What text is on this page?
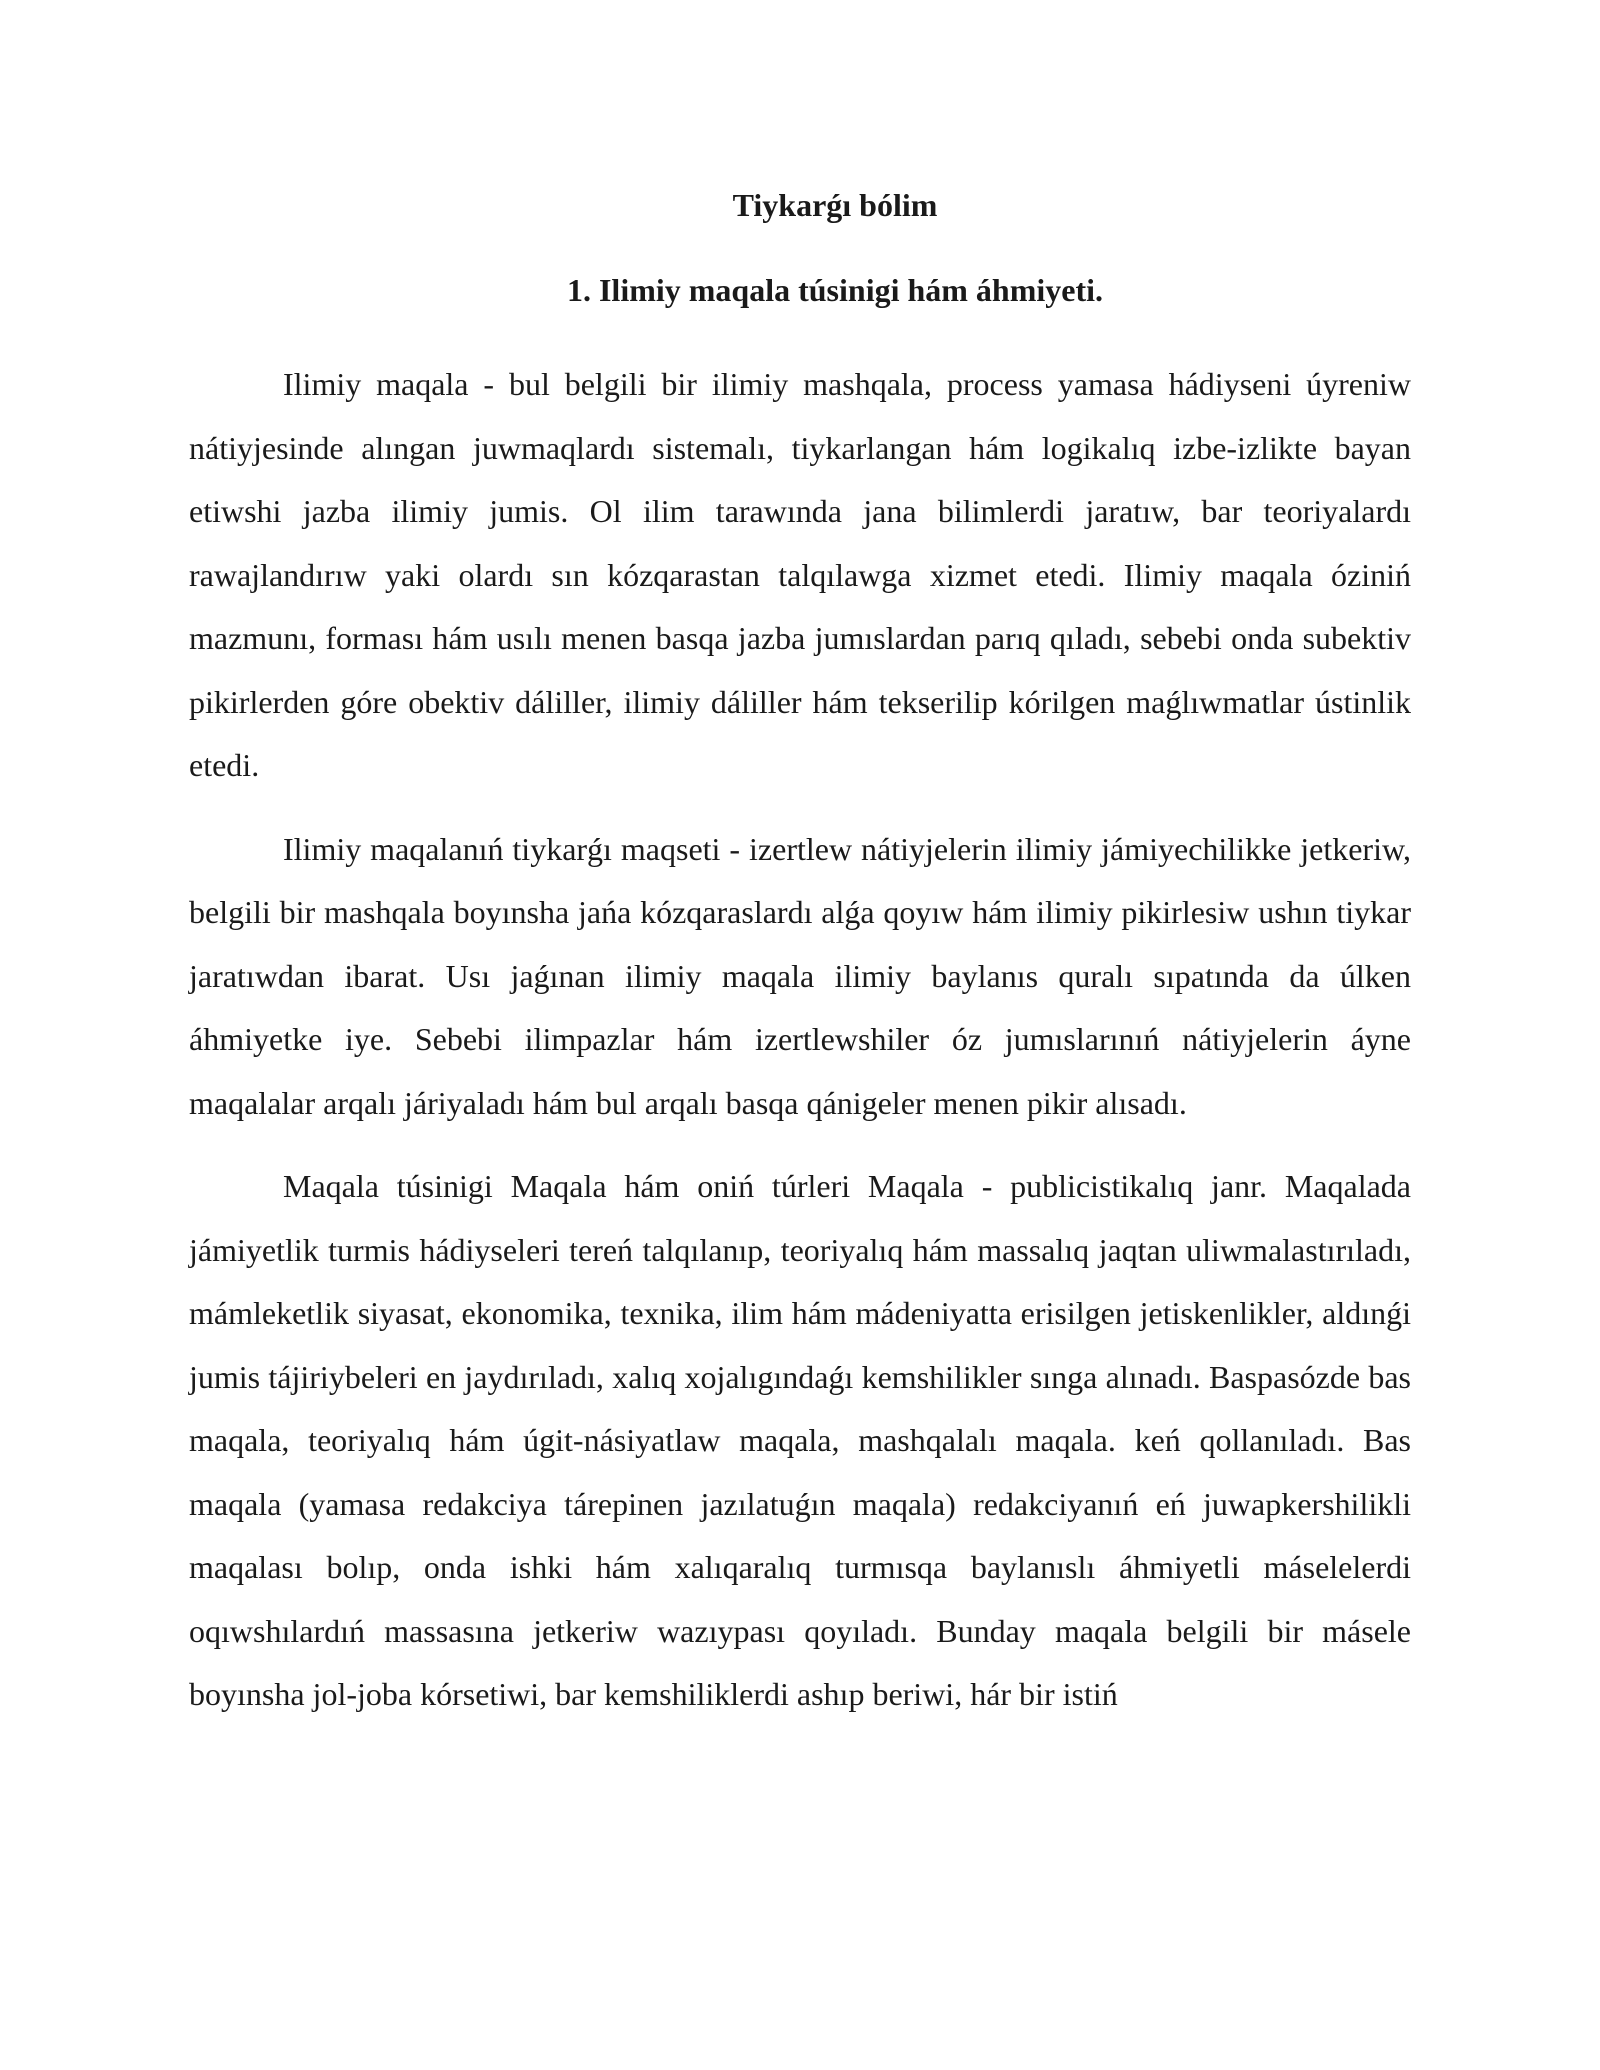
Tiykarǵı bólim
1. Ilimiy maqala túsinigi hám áhmiyeti.

Ilimiy maqala - bul belgili bir ilimiy mashqala, process yamasa hádiyseni úyreniw nátiyjesinde alıngan juwmaqlardı sistemalı, tiykarlangan hám logikalıq izbe-izlikte bayan etiwshi jazba ilimiy jumis. Ol ilim tarawında jana bilimlerdi jaratıw, bar teoriyalardı rawajlandırıw yaki olardı sın kózqarastan talqılawga xizmet etedi. Ilimiy maqala óziniń mazmunı, forması hám usılı menen basqa jazba jumıslardan parıq qıladı, sebebi onda subektiv pikirlerden góre obektiv dáliller, ilimiy dáliller hám tekserilip kórilgen maǵlıwmatlar ústinlik etedi.

Ilimiy maqalanıń tiykarǵı maqseti - izertlew nátiyjelerin ilimiy jámiyechilikke jetkeriw, belgili bir mashqala boyınsha jańa kózqaraslardı alǵa qoyıw hám ilimiy pikirlesiw ushın tiykar jaratıwdan ibarat. Usı jaǵınan ilimiy maqala ilimiy baylanıs quralı sıpatında da úlken áhmiyetke iye. Sebebi ilimpazlar hám izertlewshiler óz jumıslarınıń nátiyjelerin áyne maqalalar arqalı járiyaladı hám bul arqalı basqa qánigeler menen pikir alısadı.

Maqala túsinigi Maqala hám oniń túrleri Maqala - publicistikalıq janr. Maqalada jámiyetlik turmis hádiyseleri tereń talqılanıp, teoriyalıq hám massalıq jaqtan uliwmalastırıladı, mámleketlik siyasat, ekonomika, texnika, ilim hám mádeniyatta erisilgen jetiskenlikler, aldınǵi jumis tájiriybeleri en jaydırıladı, xalıq xojalıgındaǵı kemshilikler sınga alınadı. Baspasózde bas maqala, teoriyalıq hám úgit-násiyatlaw maqala, mashqalalı maqala. keń qollanıladı. Bas maqala (yamasa redakciya tárepinen jazılatuǵın maqala) redakciyanıń eń juwapkershilikli maqalası bolıp, onda ishki hám xalıqaralıq turmısqa baylanıslı áhmiyetli máselelerdi oqıwshılardıń massasına jetkeriw wazıypası qoyıladı. Bunday maqala belgili bir másele boyınsha jol-joba kórsetiwi, bar kemshiliklerdi ashıp beriwi, hár bir istiń
